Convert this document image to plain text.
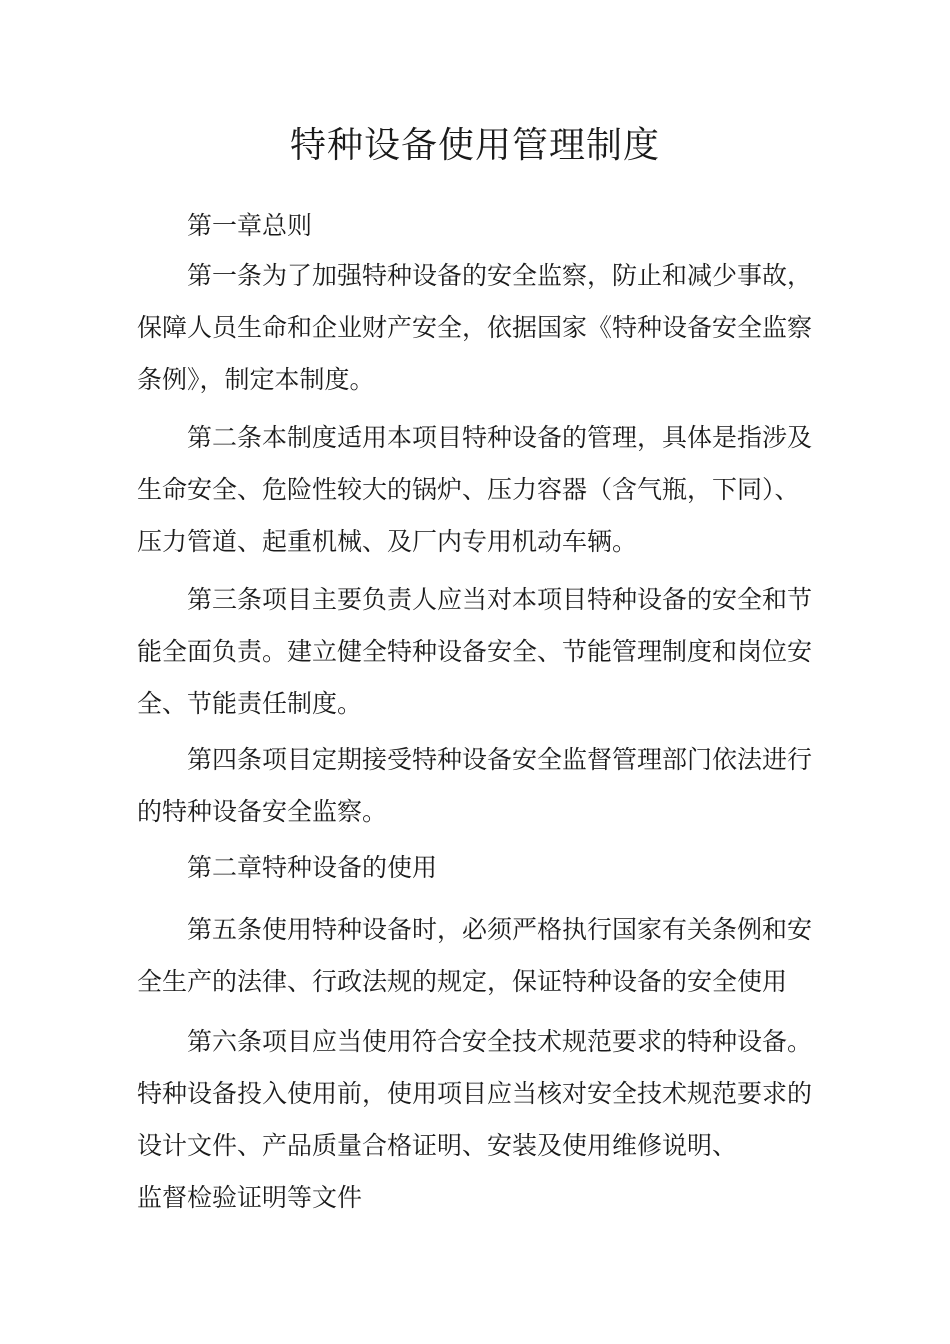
特种设备使用管理制度
第一章总则
第一条为了加强特种设备的安全监察，防止和减少事故，
保障人员生命和企业财产安全，依据国家《特种设备安全监察
条例》，制定本制度。
第二条本制度适用本项目特种设备的管理，具体是指涉及
生命安全、危险性较大的锅炉、压力容器（含气瓶，下同）、
压力管道、起重机械、及厂内专用机动车辆。
第三条项目主要负责人应当对本项目特种设备的安全和节
能全面负责。建立健全特种设备安全、节能管理制度和岗位安
全、节能责任制度。
第四条项目定期接受特种设备安全监督管理部门依法进行
的特种设备安全监察。
第二章特种设备的使用
第五条使用特种设备时，必须严格执行国家有关条例和安
全生产的法律、行政法规的规定，保证特种设备的安全使用
第六条项目应当使用符合安全技术规范要求的特种设备。
特种设备投入使用前，使用项目应当核对安全技术规范要求的
设计文件、产品质量合格证明、安装及使用维修说明、
监督检验证明等文件
